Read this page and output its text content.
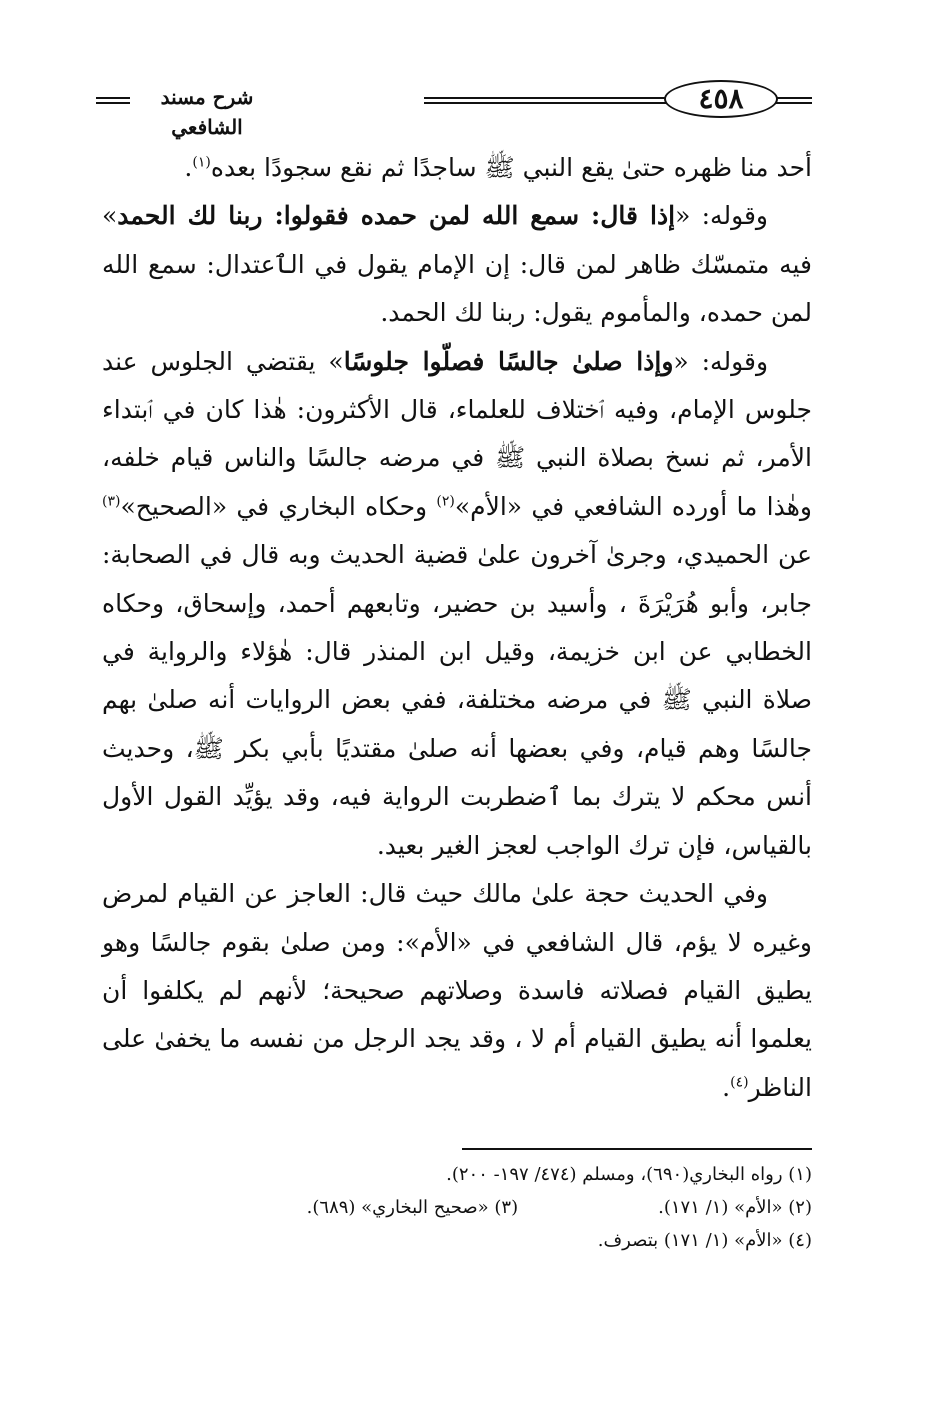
٤٥٨
شرح مسند الشافعي

أحد منا ظهره حتىٰ يقع النبي ﷺ ساجدًا ثم نقع سجودًا بعده$^{(١)}$.

وقوله: «إذا قال: سمع الله لمن حمده فقولوا: ربنا لك الحمد» فيه متمسّك ظاهر لمن قال: إن الإمام يقول في الٱعتدال: سمع الله لمن حمده، والمأموم يقول: ربنا لك الحمد.

وقوله: «وإذا صلىٰ جالسًا فصلّوا جلوسًا» يقتضي الجلوس عند جلوس الإمام، وفيه ٱختلاف للعلماء، قال الأكثرون: هٰذا كان في ٱبتداء الأمر، ثم نسخ بصلاة النبي ﷺ في مرضه جالسًا والناس قيام خلفه، وهٰذا ما أورده الشافعي في «الأم»$^{(٢)}$ وحكاه البخاري في «الصحيح»$^{(٣)}$ عن الحميدي، وجرىٰ آخرون علىٰ قضية الحديث وبه قال في الصحابة: جابر، وأبو هُرَيْرَةَ ، وأسيد بن حضير، وتابعهم أحمد، وإسحاق، وحكاه الخطابي عن ابن خزيمة، وقيل ابن المنذر قال: هٰؤلاء والرواية في صلاة النبي ﷺ في مرضه مختلفة، ففي بعض الروايات أنه صلىٰ بهم جالسًا وهم قيام، وفي بعضها أنه صلىٰ مقتديًا بأبي بكر ﷺ، وحديث أنس محكم لا يترك بما ٱضطربت الرواية فيه، وقد يؤيِّد القول الأول بالقياس، فإن ترك الواجب لعجز الغير بعيد.

وفي الحديث حجة علىٰ مالك حيث قال: العاجز عن القيام لمرض وغيره لا يؤم، قال الشافعي في «الأم»: ومن صلىٰ بقوم جالسًا وهو يطيق القيام فصلاته فاسدة وصلاتهم صحيحة؛ لأنهم لم يكلفوا أن يعلموا أنه يطيق القيام أم لا ، وقد يجد الرجل من نفسه ما يخفىٰ على الناظر$^{(٤)}$.

(١) رواه البخاري(٦٩٠)، ومسلم (٤٧٤/ ١٩٧- ٢٠٠).
(٢) «الأم» (١/ ١٧١).(٣) «صحيح البخاري» (٦٨٩).
(٤) «الأم» (١/ ١٧١) بتصرف.
